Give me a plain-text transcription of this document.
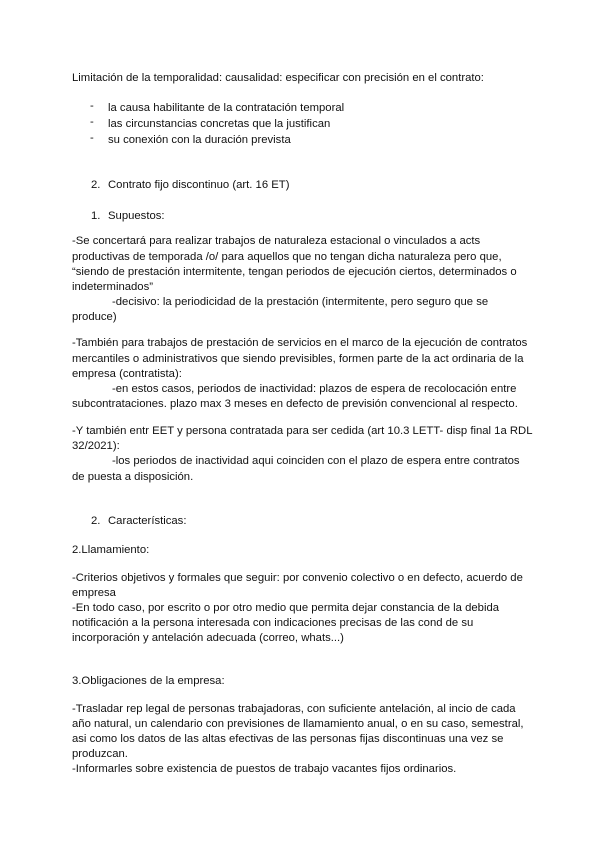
Limitación de la temporalidad: causalidad: especificar con precisión en el contrato:
- la causa habilitante de la contratación temporal
- las circunstancias concretas que la justifican
- su conexión con la duración prevista
2. Contrato fijo discontinuo (art. 16 ET)
1. Supuestos:
-Se concertará para realizar trabajos de naturaleza estacional o vinculados a acts
productivas de temporada /o/ para aquellos que no tengan dicha naturaleza pero que,
“siendo de prestación intermitente, tengan periodos de ejecución ciertos, determinados o
indeterminados”
-decisivo: la periodicidad de la prestación (intermitente, pero seguro que se
produce)
-También para trabajos de prestación de servicios en el marco de la ejecución de contratos
mercantiles o administrativos que siendo previsibles, formen parte de la act ordinaria de la
empresa (contratista):
-en estos casos, periodos de inactividad: plazos de espera de recolocación entre
subcontrataciones. plazo max 3 meses en defecto de previsión convencional al respecto.
-Y también entr EET y persona contratada para ser cedida (art 10.3 LETT- disp final 1a RDL
32/2021):
-los periodos de inactividad aqui coinciden con el plazo de espera entre contratos
de puesta a disposición.
2. Características:
2.Llamamiento:
-Criterios objetivos y formales que seguir: por convenio colectivo o en defecto, acuerdo de
empresa
-En todo caso, por escrito o por otro medio que permita dejar constancia de la debida
notificación a la persona interesada con indicaciones precisas de las cond de su
incorporación y antelación adecuada (correo, whats...)
3.Obligaciones de la empresa:
-Trasladar rep legal de personas trabajadoras, con suficiente antelación, al incio de cada
año natural, un calendario con previsiones de llamamiento anual, o en su caso, semestral,
asi como los datos de las altas efectivas de las personas fijas discontinuas una vez se
produzcan.
-Informarles sobre existencia de puestos de trabajo vacantes fijos ordinarios.
